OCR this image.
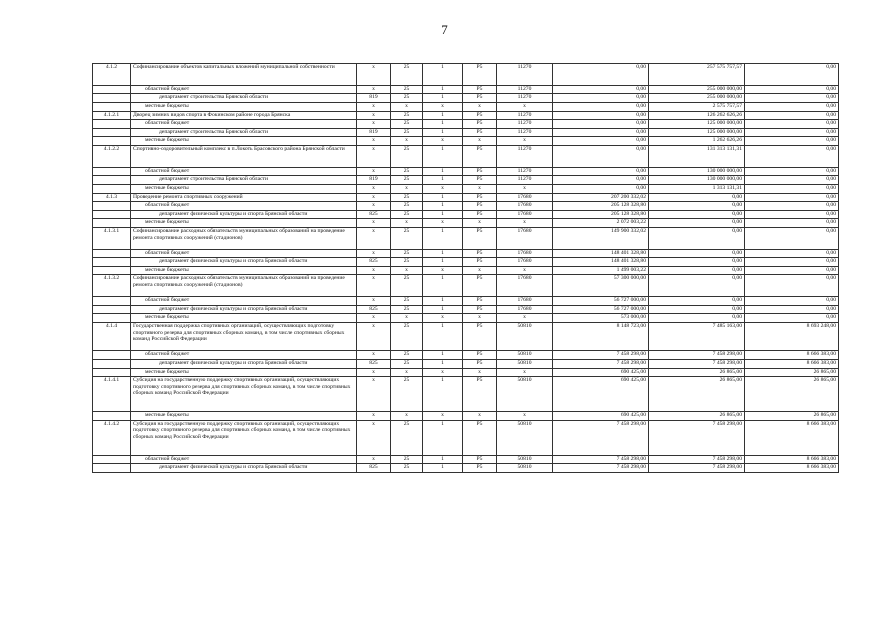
7
4.1.2	Софинансирование объектов капитальных вложений муниципальной собственности	х	25	1	Р5	11270	0,00	257 575 757,57	0,00
	областной бюджет	х	25	1	Р5	11270	0,00	255 000 000,00	0,00
	департамент строительства Брянской области	819	25	1	Р5	11270	0,00	255 000 000,00	0,00
	местные бюджеты	х	х	х	х	х	0,00	2 575 757,57	0,00
4.1.2.1	Дворец зимних видов спорта в Фокинском районе города Брянска	х	25	1	Р5	11270	0,00	126 262 626,26	0,00
	областной бюджет	х	25	1	Р5	11270	0,00	125 000 000,00	0,00
	департамент строительства Брянской области	819	25	1	Р5	11270	0,00	125 000 000,00	0,00
	местные бюджеты	х	х	х	х	х	0,00	1 262 626,26	0,00
4.1.2.2	Спортивно-оздоровительный комплекс в п.Локоть Брасовского района Брянской области	х	25	1	Р5	11270	0,00	131 313 131,31	0,00
	областной бюджет	х	25	1	Р5	11270	0,00	130 000 000,00	0,00
	департамент строительства Брянской области	819	25	1	Р5	11270	0,00	130 000 000,00	0,00
	местные бюджеты	х	х	х	х	х	0,00	1 313 131,31	0,00
4.1.3	Проведение ремонта спортивных сооружений	х	25	1	Р5	17680	207 200 332,02	0,00	0,00
	областной бюджет	х	25	1	Р5	17680	205 128 328,80	0,00	0,00
	департамент физической культуры и спорта Брянской области	825	25	1	Р5	17680	205 128 328,80	0,00	0,00
	местные бюджеты	х	х	х	х	х	2 072 003,22	0,00	0,00
4.1.3.1	Софинансирование расходных обязательств муниципальных образований на проведение ремонта спортивных сооружений (стадионов)	х	25	1	Р5	17680	149 900 332,02	0,00	0,00
	областной бюджет	х	25	1	Р5	17680	148 401 328,80	0,00	0,00
	департамент физической культуры и спорта Брянской области	825	25	1	Р5	17680	148 401 328,80	0,00	0,00
	местные бюджеты	х	х	х	х	х	1 499 003,22	0,00	0,00
4.1.3.2	Софинансирование расходных обязательств муниципальных образований на проведение ремонта спортивных сооружений (стадионов)	х	25	1	Р5	17680	57 300 000,00	0,00	0,00
	областной бюджет	х	25	1	Р5	17680	56 727 000,00	0,00	0,00
	департамент физической культуры и спорта Брянской области	825	25	1	Р5	17680	56 727 000,00	0,00	0,00
	местные бюджеты	х	х	х	х	х	573 000,00	0,00	0,00
4.1.4	Государственная поддержка спортивных организаций, осуществляющих подготовку спортивного резерва для спортивных сборных команд, в том числе спортивных сборных команд Российской Федерации	х	25	1	Р5	50810	8 148 723,00	7 485 163,00	8 693 248,00
	областной бюджет	х	25	1	Р5	50810	7 458 298,00	7 458 298,00	8 666 383,00
	департамент физической культуры и спорта Брянской области	825	25	1	Р5	50810	7 458 298,00	7 458 298,00	8 666 383,00
	местные бюджеты	х	х	х	х	х	690 425,00	26 865,00	26 865,00
4.1.4.1	Субсидия на государственную поддержку спортивных организаций, осуществляющих подготовку спортивного резерва для спортивных сборных команд, в том числе спортивных сборных команд Российской Федерации	х	25	1	Р5	50810	690 425,00	26 865,00	26 865,00
	местные бюджеты	х	х	х	х	х	690 425,00	26 865,00	26 865,00
4.1.4.2	Субсидия на государственную поддержку спортивных организаций, осуществляющих подготовку спортивного резерва для спортивных сборных команд, в том числе спортивных сборных команд Российской Федерации	х	25	1	Р5	50810	7 458 298,00	7 458 298,00	8 666 383,00
	областной бюджет	х	25	1	Р5	50810	7 458 298,00	7 458 298,00	8 666 383,00
	департамент физической культуры и спорта Брянской области	825	25	1	Р5	50810	7 458 298,00	7 458 298,00	8 666 383,00
